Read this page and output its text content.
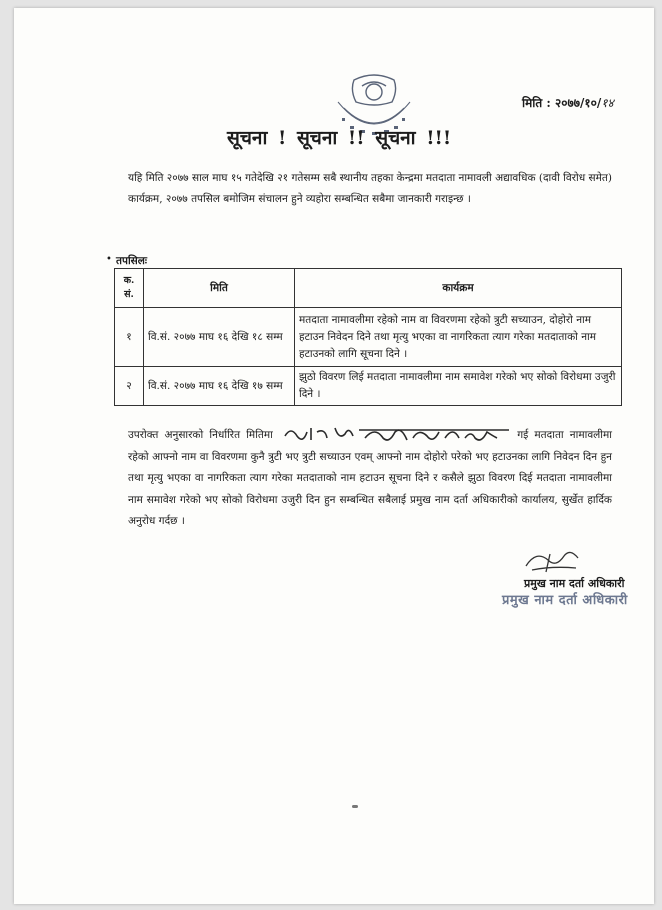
मिति : २०७७/१०/१४
सूचना ! सूचना !! सूचना !!!
यहि मिति २०७७ साल माघ १५ गतेदेखि २१ गतेसम्म सबै स्थानीय तहका केन्द्रमा मतदाता नामावली अद्यावधिक (दावी विरोध समेत) कार्यक्रम, २०७७ तपसिल बमोजिम संचालन हुने व्यहोरा सम्बन्धित सबैमा जानकारी गराइन्छ ।
• तपसिलः
क. सं.	मिति	कार्यक्रम
१	वि.सं. २०७७ माघ १६ देखि १८ सम्म	मतदाता नामावलीमा रहेको नाम वा विवरणमा रहेको त्रुटी सच्याउन, दोहोरो नाम हटाउन निवेदन दिने तथा मृत्यु भएका वा नागरिकता त्याग गरेका मतदाताको नाम हटाउनको लागि सूचना दिने ।
२	वि.सं. २०७७ माघ १६ देखि १७ सम्म	झुठो विवरण लिई मतदाता नामावलीमा नाम समावेश गरेको भए सोको विरोधमा उजुरी दिने ।
उपरोक्त अनुसारको निर्धारित मितिमा	गई मतदाता नामावलीमा रहेको आफ्नो नाम वा विवरणमा कुनै त्रुटी भए त्रुटी सच्याउन एवम् आफ्नो नाम दोहोरो परेको भए हटाउनका लागि निवेदन दिन हुन तथा मृत्यु भएका वा नागरिकता त्याग गरेका मतदाताको नाम हटाउन सूचना दिने र कसैले झुठा विवरण दिई मतदाता नामावलीमा नाम समावेश गरेको भए सोको विरोधमा उजुरी दिन हुन सम्बन्धित सबैलाई प्रमुख नाम दर्ता अधिकारीको कार्यालय, सुर्खेत हार्दिक अनुरोध गर्दछ ।
प्रमुख नाम दर्ता अधिकारी
प्रमुख नाम दर्ता अधिकारी
